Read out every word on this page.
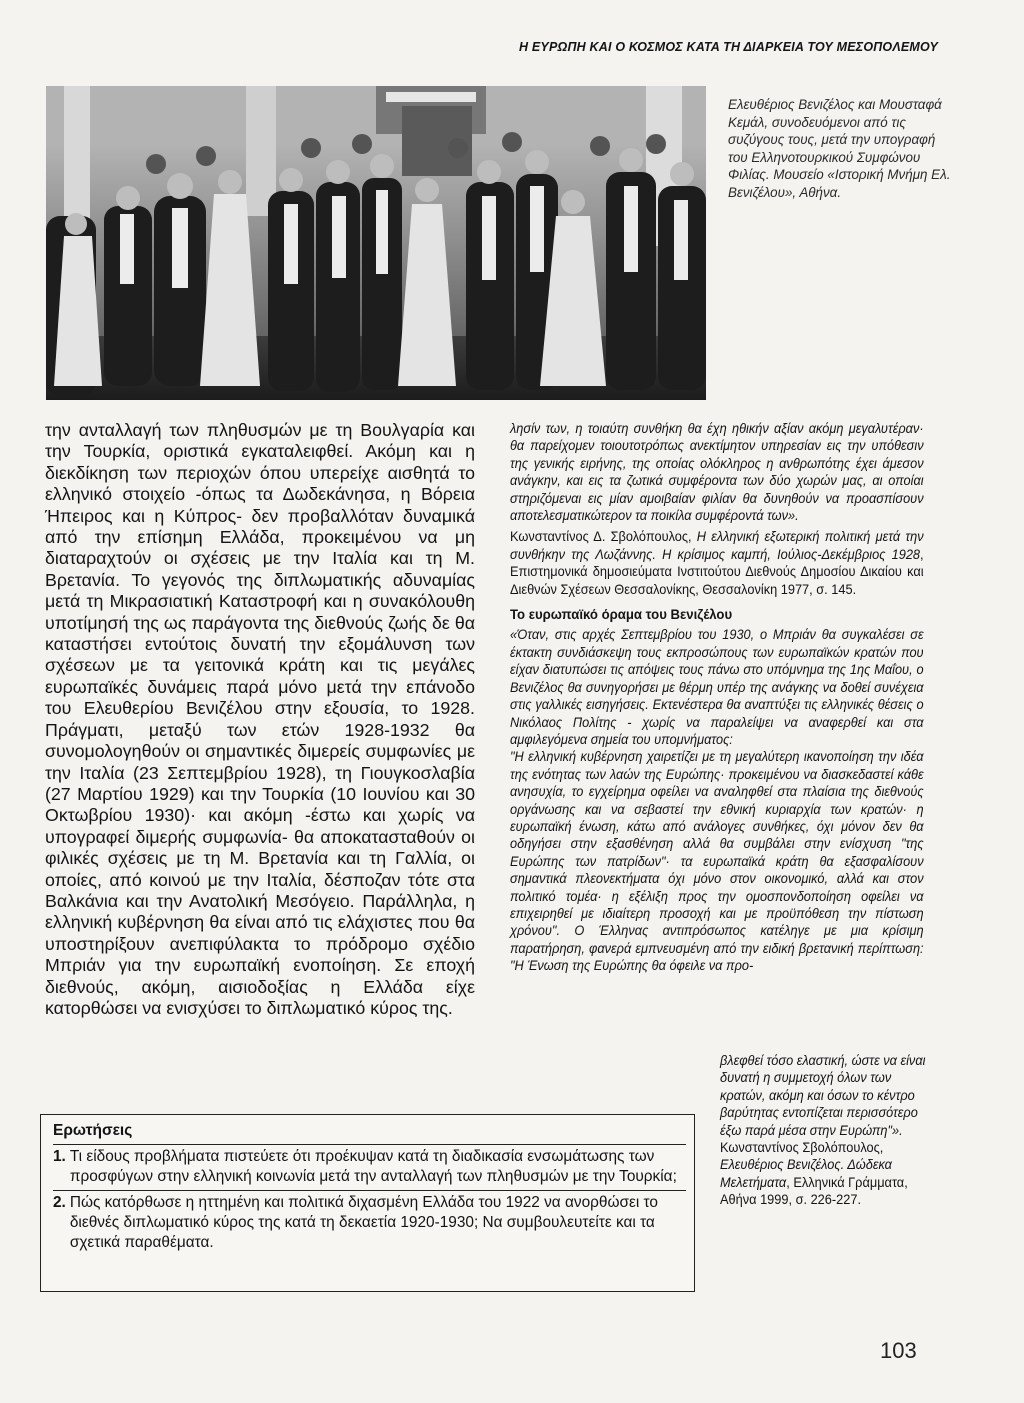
Η ΕΥΡΩΠΗ ΚΑΙ Ο ΚΟΣΜΟΣ ΚΑΤΑ ΤΗ ΔΙΑΡΚΕΙΑ ΤΟΥ ΜΕΣΟΠΟΛΕΜΟΥ

Ελευθέριος Βενιζέλος και Μουσταφά Κεμάλ, συνοδευόμενοι από τις συζύγους τους, μετά την υπογραφή του Ελληνοτουρκικού Συμφώνου Φιλίας. Μουσείο «Ιστορική Μνήμη Ελ. Βενιζέλου», Αθήνα.

την ανταλλαγή των πληθυσμών με τη Βουλγαρία και την Τουρκία, οριστικά εγκαταλειφθεί. Ακόμη και η διεκδίκηση των περιοχών όπου υπερείχε αισθητά το ελληνικό στοιχείο -όπως τα Δωδεκάνησα, η Βόρεια Ήπειρος και η Κύπρος- δεν προβαλλόταν δυναμικά από την επίσημη Ελλάδα, προκειμένου να μη διαταραχτούν οι σχέσεις με την Ιταλία και τη Μ. Βρετανία. Το γεγονός της διπλωματικής αδυναμίας μετά τη Μικρασιατική Καταστροφή και η συνακόλουθη υποτίμησή της ως παράγοντα της διεθνούς ζωής δε θα καταστήσει εντούτοις δυνατή την εξομάλυνση των σχέσεων με τα γειτονικά κράτη και τις μεγάλες ευρωπαϊκές δυνάμεις παρά μόνο μετά την επάνοδο του Ελευθερίου Βενιζέλου στην εξουσία, το 1928. Πράγματι, μεταξύ των ετών 1928-1932 θα συνομολογηθούν οι σημαντικές διμερείς συμφωνίες με την Ιταλία (23 Σεπτεμβρίου 1928), τη Γιουγκοσλαβία (27 Μαρτίου 1929) και την Τουρκία (10 Ιουνίου και 30 Οκτωβρίου 1930)· και ακόμη -έστω και χωρίς να υπογραφεί διμερής συμφωνία- θα αποκατασταθούν οι φιλικές σχέσεις με τη Μ. Βρετανία και τη Γαλλία, οι οποίες, από κοινού με την Ιταλία, δέσποζαν τότε στα Βαλκάνια και την Ανατολική Μεσόγειο. Παράλληλα, η ελληνική κυβέρνηση θα είναι από τις ελάχιστες που θα υποστηρίξουν ανεπιφύλακτα το πρόδρομο σχέδιο Μπριάν για την ευρωπαϊκή ενοποίηση. Σε εποχή διεθνούς, ακόμη, αισιοδοξίας η Ελλάδα είχε κατορθώσει να ενισχύσει το διπλωματικό κύρος της.

λησίν των, η τοιαύτη συνθήκη θα έχη ηθικήν αξίαν ακόμη μεγαλυτέραν· θα παρείχομεν τοιουτοτρόπως ανεκτίμητον υπηρεσίαν εις την υπόθεσιν της γενικής ειρήνης, της οποίας ολόκληρος η ανθρωπότης έχει άμεσον ανάγκην, και εις τα ζωτικά συμφέροντα των δύο χωρών μας, αι οποίαι στηριζόμεναι εις μίαν αμοιβαίαν φιλίαν θα δυνηθούν να προασπίσουν αποτελεσματικώτερον τα ποικίλα συμφέροντά των».

Κωνσταντίνος Δ. Σβολόπουλος, Η ελληνική εξωτερική πολιτική μετά την συνθήκην της Λωζάννης. Η κρίσιμος καμπή, Ιούλιος-Δεκέμβριος 1928, Επιστημονικά δημοσιεύματα Ινστιτούτου Διεθνούς Δημοσίου Δικαίου και Διεθνών Σχέσεων Θεσσαλονίκης, Θεσσαλονίκη 1977, σ. 145.

Το ευρωπαϊκό όραμα του Βενιζέλου

«Όταν, στις αρχές Σεπτεμβρίου του 1930, ο Μπριάν θα συγκαλέσει σε έκτακτη συνδιάσκεψη τους εκπροσώπους των ευρωπαϊκών κρατών που είχαν διατυπώσει τις απόψεις τους πάνω στο υπόμνημα της 1ης Μαΐου, ο Βενιζέλος θα συνηγορήσει με θέρμη υπέρ της ανάγκης να δοθεί συνέχεια στις γαλλικές εισηγήσεις. Εκτενέστερα θα αναπτύξει τις ελληνικές θέσεις ο Νικόλαος Πολίτης - χωρίς να παραλείψει να αναφερθεί και στα αμφιλεγόμενα σημεία του υπομνήματος:

"Η ελληνική κυβέρνηση χαιρετίζει με τη μεγαλύτερη ικανοποίηση την ιδέα της ενότητας των λαών της Ευρώπης· προκειμένου να διασκεδαστεί κάθε ανησυχία, το εγχείρημα οφείλει να αναληφθεί στα πλαίσια της διεθνούς οργάνωσης και να σεβαστεί την εθνική κυριαρχία των κρατών· η ευρωπαϊκή ένωση, κάτω από ανάλογες συνθήκες, όχι μόνον δεν θα οδηγήσει στην εξασθένηση αλλά θα συμβάλει στην ενίσχυση "της Ευρώπης των πατρίδων"· τα ευρωπαϊκά κράτη θα εξασφαλίσουν σημαντικά πλεονεκτήματα όχι μόνο στον οικονομικό, αλλά και στον πολιτικό τομέα· η εξέλιξη προς την ομοσπονδοποίηση οφείλει να επιχειρηθεί με ιδιαίτερη προσοχή και με προϋπόθεση την πίστωση χρόνου". Ο Έλληνας αντιπρόσωπος κατέληγε με μια κρίσιμη παρατήρηση, φανερά εμπνευσμένη από την ειδική βρετανική περίπτωση: "Η Ένωση της Ευρώπης θα όφειλε να προ-

βλεφθεί τόσο ελαστική, ώστε να είναι δυνατή η συμμετοχή όλων των κρατών, ακόμη και όσων το κέντρο βαρύτητας εντοπίζεται περισσότερο έξω παρά μέσα στην Ευρώπη"».

Κωνσταντίνος Σβολόπουλος, Ελευθέριος Βενιζέλος. Δώδεκα Μελετήματα, Ελληνικά Γράμματα, Αθήνα 1999, σ. 226-227.

Ερωτήσεις

1. Τι είδους προβλήματα πιστεύετε ότι προέκυψαν κατά τη διαδικασία ενσωμάτωσης των προσφύγων στην ελληνική κοινωνία μετά την ανταλλαγή των πληθυσμών με την Τουρκία;
2. Πώς κατόρθωσε η ηττημένη και πολιτικά διχασμένη Ελλάδα του 1922 να ανορθώσει το διεθνές διπλωματικό κύρος της κατά τη δεκαετία 1920-1930; Να συμβουλευτείτε και τα σχετικά παραθέματα.
103
